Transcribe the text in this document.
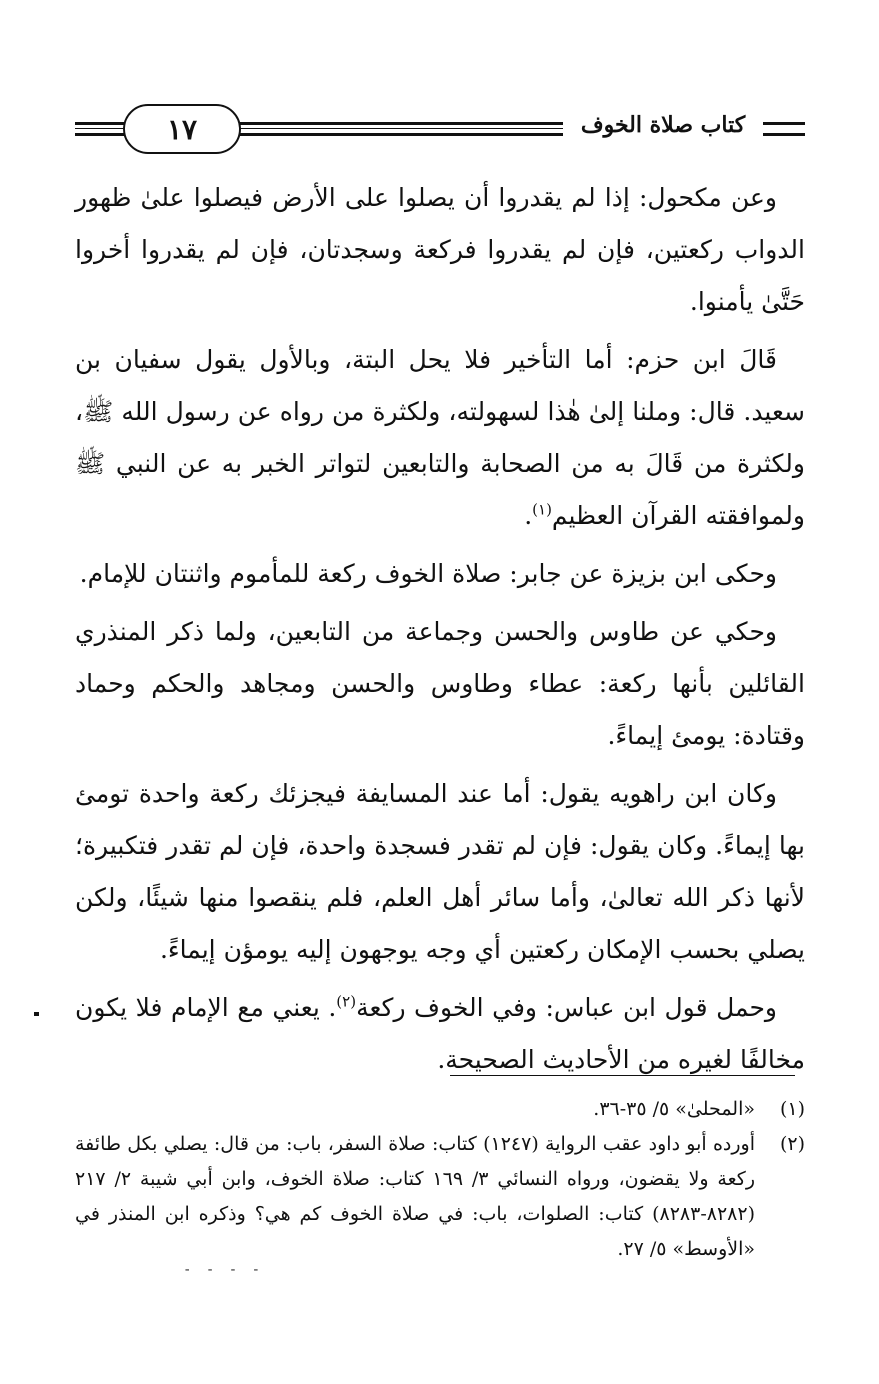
١٧	كتاب صلاة الخوف

وعن مكحول: إذا لم يقدروا أن يصلوا على الأرض فيصلوا علىٰ ظهور الدواب ركعتين، فإن لم يقدروا فركعة وسجدتان، فإن لم يقدروا أخروا حَتَّىٰ يأمنوا.

قَالَ ابن حزم: أما التأخير فلا يحل البتة، وبالأول يقول سفيان بن سعيد. قال: وملنا إلىٰ هٰذا لسهولته، ولكثرة من رواه عن رسول الله ﷺ، ولكثرة من قَالَ به من الصحابة والتابعين لتواتر الخبر به عن النبي ﷺ ولموافقته القرآن العظيم$^{(١)}$.

وحكى ابن بزيزة عن جابر: صلاة الخوف ركعة للمأموم واثنتان للإمام.

وحكي عن طاوس والحسن وجماعة من التابعين، ولما ذكر المنذري القائلين بأنها ركعة: عطاء وطاوس والحسن ومجاهد والحكم وحماد وقتادة: يومئ إيماءً.

وكان ابن راهويه يقول: أما عند المسايفة فيجزئك ركعة واحدة تومئ بها إيماءً. وكان يقول: فإن لم تقدر فسجدة واحدة، فإن لم تقدر فتكبيرة؛ لأنها ذكر الله تعالىٰ، وأما سائر أهل العلم، فلم ينقصوا منها شيئًا، ولكن يصلي بحسب الإمكان ركعتين أي وجه يوجهون إليه يومؤن إيماءً.

وحمل قول ابن عباس: وفي الخوف ركعة$^{(٢)}$. يعني مع الإمام فلا يكون مخالفًا لغيره من الأحاديث الصحيحة.

(١)
«المحلىٰ» ٥/ ٣٥-٣٦.
(٢)
أورده أبو داود عقب الرواية (١٢٤٧) كتاب: صلاة السفر، باب: من قال: يصلي بكل طائفة ركعة ولا يقضون، ورواه النسائي ٣/ ١٦٩ كتاب: صلاة الخوف، وابن أبي شيبة ٢/ ٢١٧ (٨٢٨٢-٨٢٨٣) كتاب: الصلوات، باب: في صلاة الخوف كم هي؟ وذكره ابن المنذر في «الأوسط» ٥/ ٢٧.
- - - -
